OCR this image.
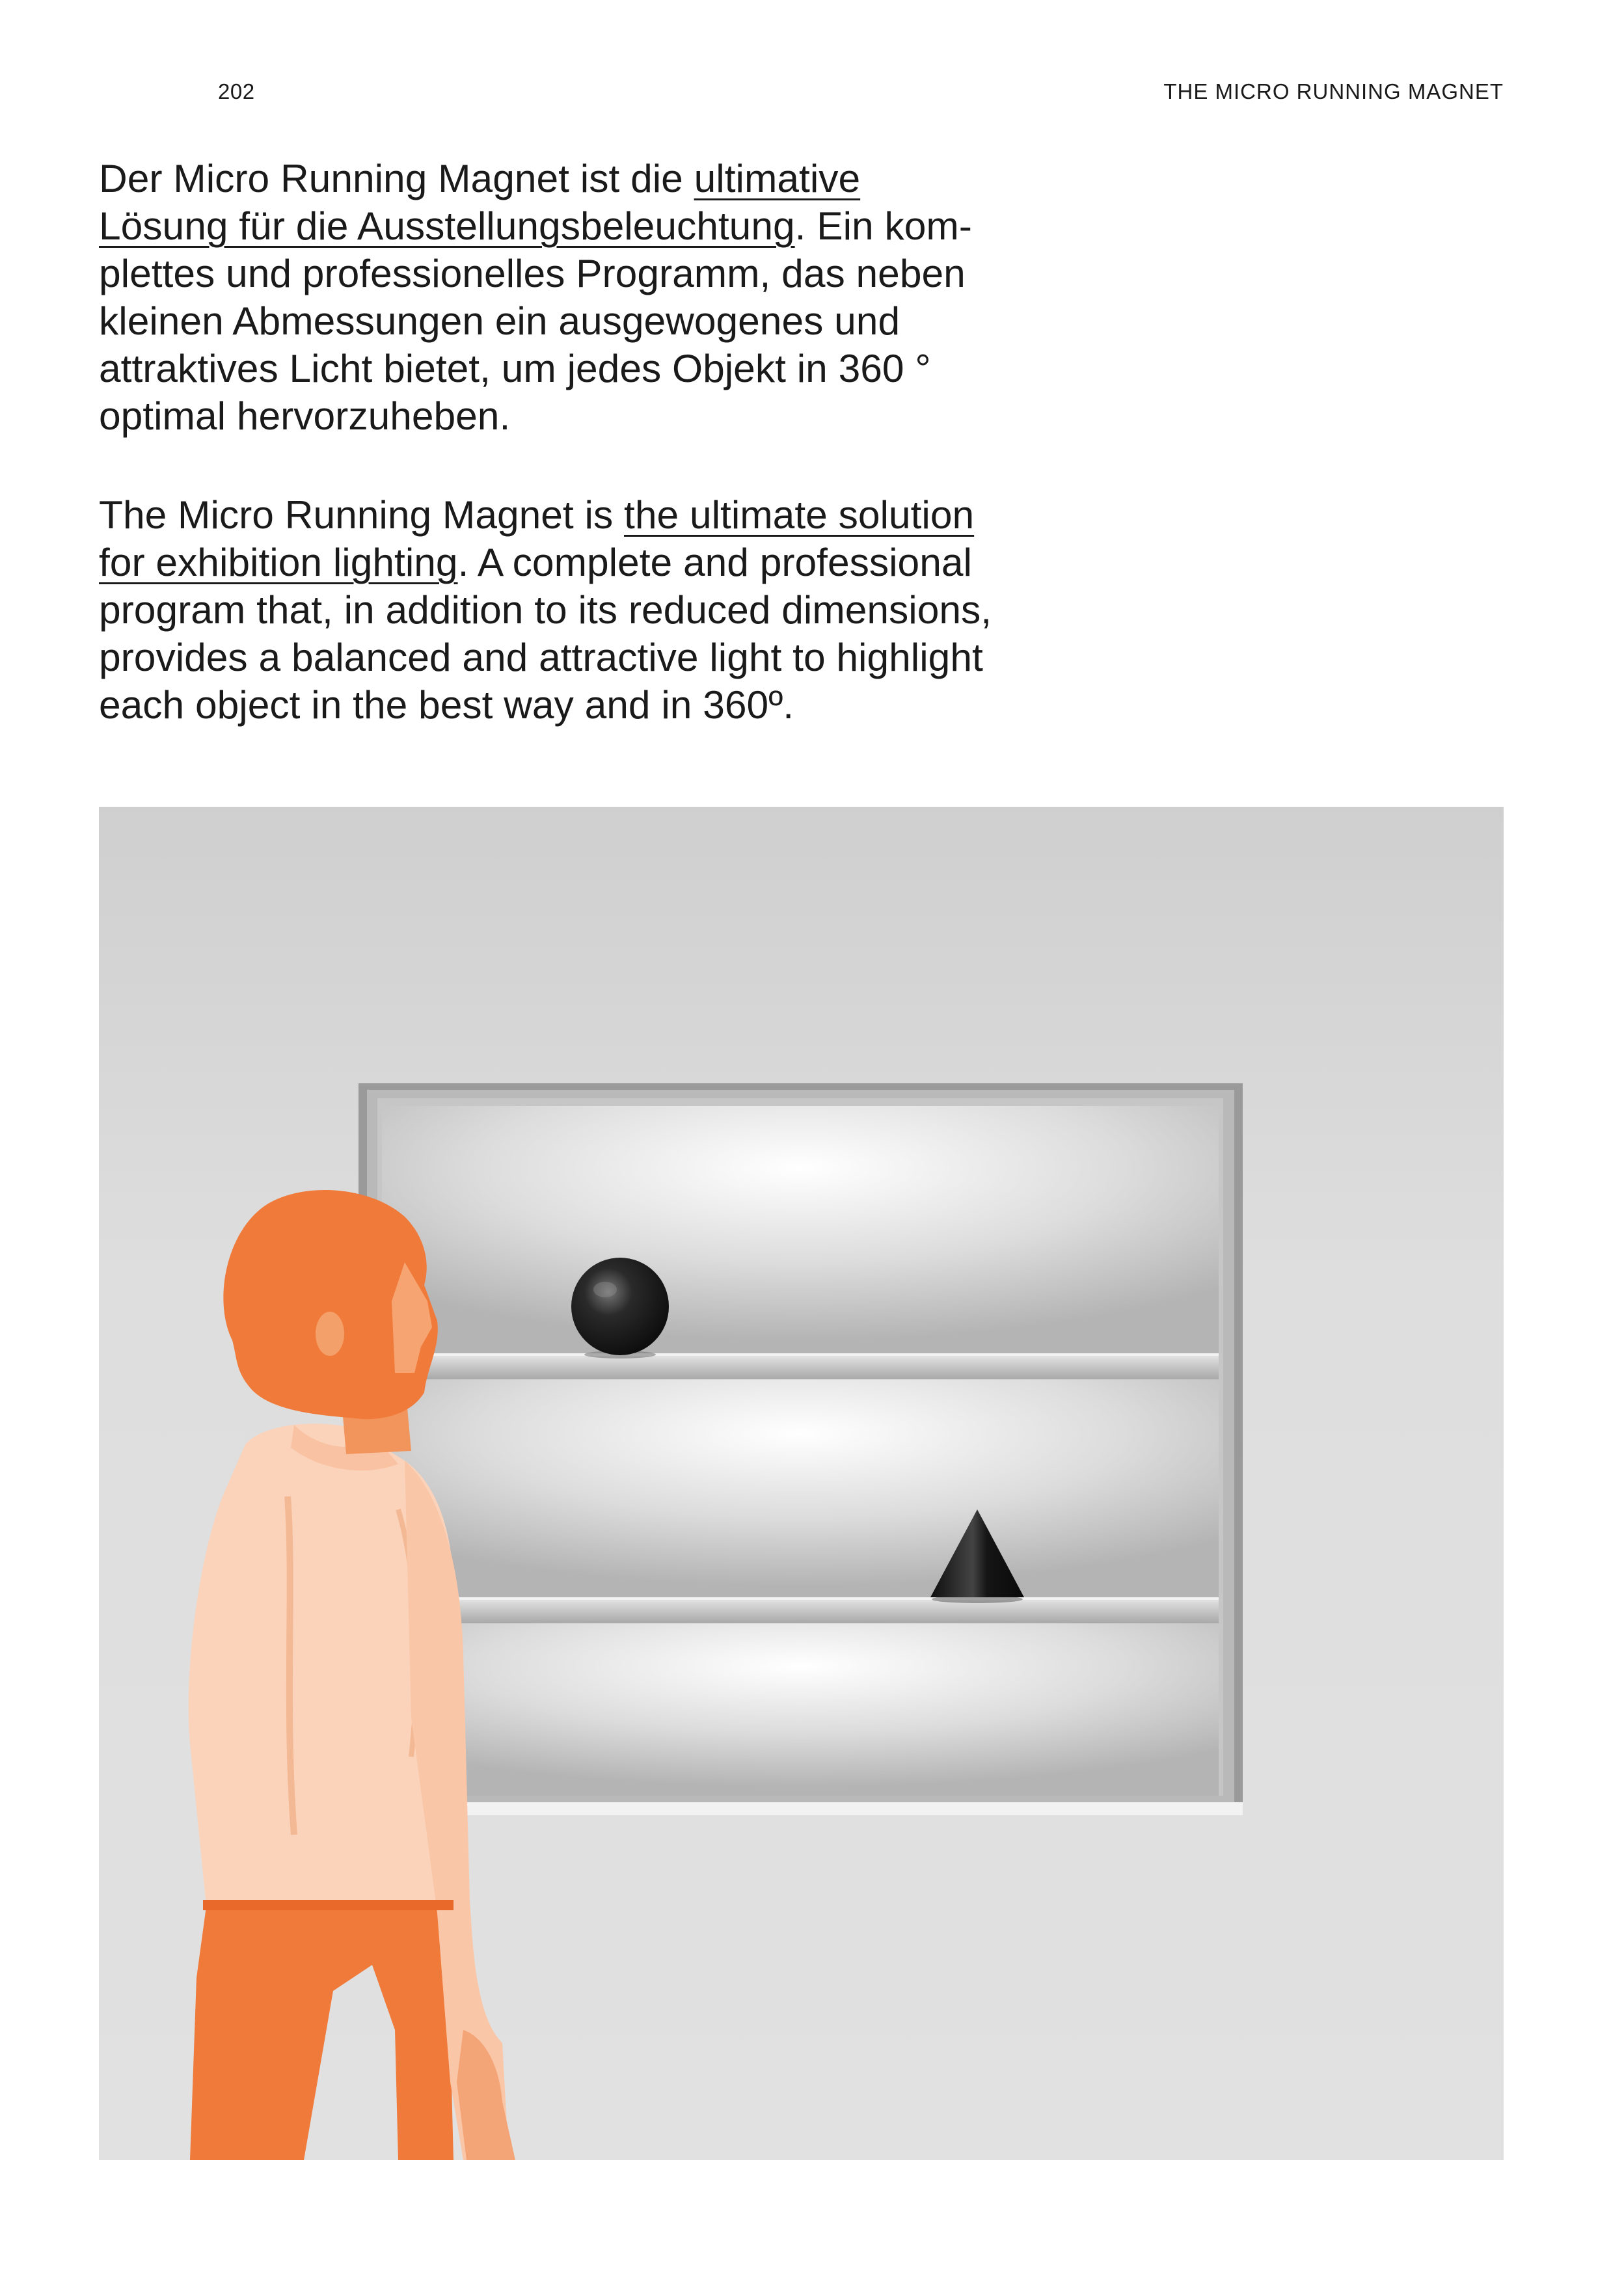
202	THE MICRO RUNNING MAGNET

Der Micro Running Magnet ist die ultimative
Lösung für die Ausstellungsbeleuchtung. Ein kom-
plettes und professionelles Programm, das neben
kleinen Abmessungen ein ausgewogenes und
attraktives Licht bietet, um jedes Objekt in 360 °
optimal hervorzuheben.

The Micro Running Magnet is the ultimate solution
for exhibition lighting. A complete and professional
program that, in addition to its reduced dimensions,
provides a balanced and attractive light to highlight
each object in the best way and in 360º.
